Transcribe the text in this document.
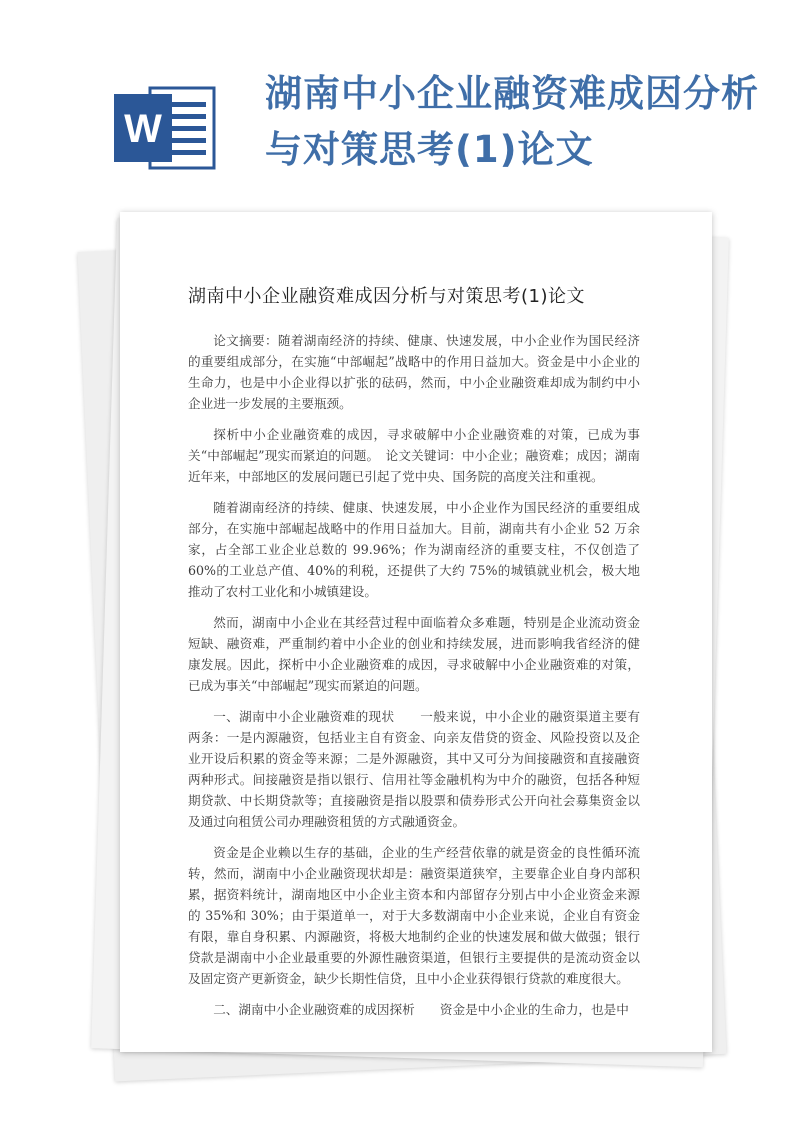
W
湖南中小企业融资难成因分析
与对策思考(1)论文
湖南中小企业融资难成因分析与对策思考(1)论文

论文摘要：随着湖南经济的持续、健康、快速发展，中小企业作为国民经济的重要组成部分，在实施“中部崛起”战略中的作用日益加大。资金是中小企业的生命力，也是中小企业得以扩张的砝码，然而，中小企业融资难却成为制约中小企业进一步发展的主要瓶颈。

探析中小企业融资难的成因，寻求破解中小企业融资难的对策，已成为事关“中部崛起”现实而紧迫的问题。　论文关键词：中小企业；融资难；成因；湖南　　近年来，中部地区的发展问题已引起了党中央、国务院的高度关注和重视。

随着湖南经济的持续、健康、快速发展，中小企业作为国民经济的重要组成部分，在实施中部崛起战略中的作用日益加大。目前，湖南共有小企业 52 万余家，占全部工业企业总数的 99.96%；作为湖南经济的重要支柱，不仅创造了 60%的工业总产值、40%的利税，还提供了大约 75%的城镇就业机会，极大地推动了农村工业化和小城镇建设。

然而，湖南中小企业在其经营过程中面临着众多难题，特别是企业流动资金短缺、融资难，严重制约着中小企业的创业和持续发展，进而影响我省经济的健康发展。因此，探析中小企业融资难的成因，寻求破解中小企业融资难的对策，已成为事关“中部崛起”现实而紧迫的问题。

一、湖南中小企业融资难的现状　　一般来说，中小企业的融资渠道主要有两条：一是内源融资，包括业主自有资金、向亲友借贷的资金、风险投资以及企业开设后积累的资金等来源；二是外源融资，其中又可分为间接融资和直接融资两种形式。间接融资是指以银行、信用社等金融机构为中介的融资，包括各种短期贷款、中长期贷款等；直接融资是指以股票和债券形式公开向社会募集资金以及通过向租赁公司办理融资租赁的方式融通资金。

资金是企业赖以生存的基础，企业的生产经营依靠的就是资金的良性循环流转，然而，湖南中小企业融资现状却是：融资渠道狭窄，主要靠企业自身内部积累，据资料统计，湖南地区中小企业主资本和内部留存分别占中小企业资金来源的 35%和 30%；由于渠道单一，对于大多数湖南中小企业来说，企业自有资金有限，靠自身积累、内源融资，将极大地制约企业的快速发展和做大做强；银行贷款是湖南中小企业最重要的外源性融资渠道，但银行主要提供的是流动资金以及固定资产更新资金，缺少长期性信贷，且中小企业获得银行贷款的难度很大。

二、湖南中小企业融资难的成因探析　　资金是中小企业的生命力，也是中
